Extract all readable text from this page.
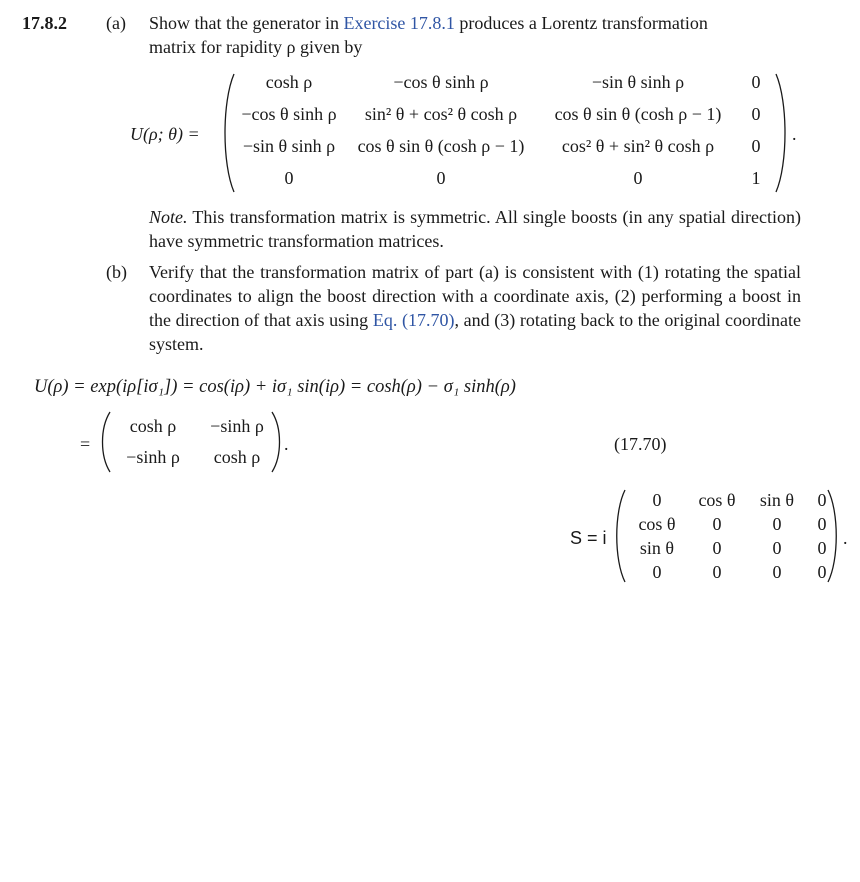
17.8.2 (a) Show that the generator in Exercise 17.8.1 produces a Lorentz transformation
matrix for rapidity ρ given by
U(ρ; θ) =
cosh ρ	−cos θ sinh ρ	−sin θ sinh ρ	0
−cos θ sinh ρ	sin² θ + cos² θ cosh ρ	cos θ sin θ (cosh ρ − 1)	0
−sin θ sinh ρ	cos θ sin θ (cosh ρ − 1)	cos² θ + sin² θ cosh ρ	0
0	0	0	1
.
Note. This transformation matrix is symmetric. All single boosts (in any spatial direction) have symmetric transformation matrices.
(b) Verify that the transformation matrix of part (a) is consistent with (1) rotating the spatial coordinates to align the boost direction with a coordinate axis, (2) performing a boost in the direction of that axis using Eq. (17.70), and (3) rotating back to the original coordinate system.
U(ρ) = exp(iρ[iσ₁]) = cos(iρ) + iσ₁ sin(iρ) = cosh(ρ) − σ₁ sinh(ρ)
=
cosh ρ	−sinh ρ
−sinh ρ	cosh ρ
.	(17.70)
S = i
0	cos θ	sin θ	0
cos θ	0	0	0
sin θ	0	0	0
0	0	0	0
.
